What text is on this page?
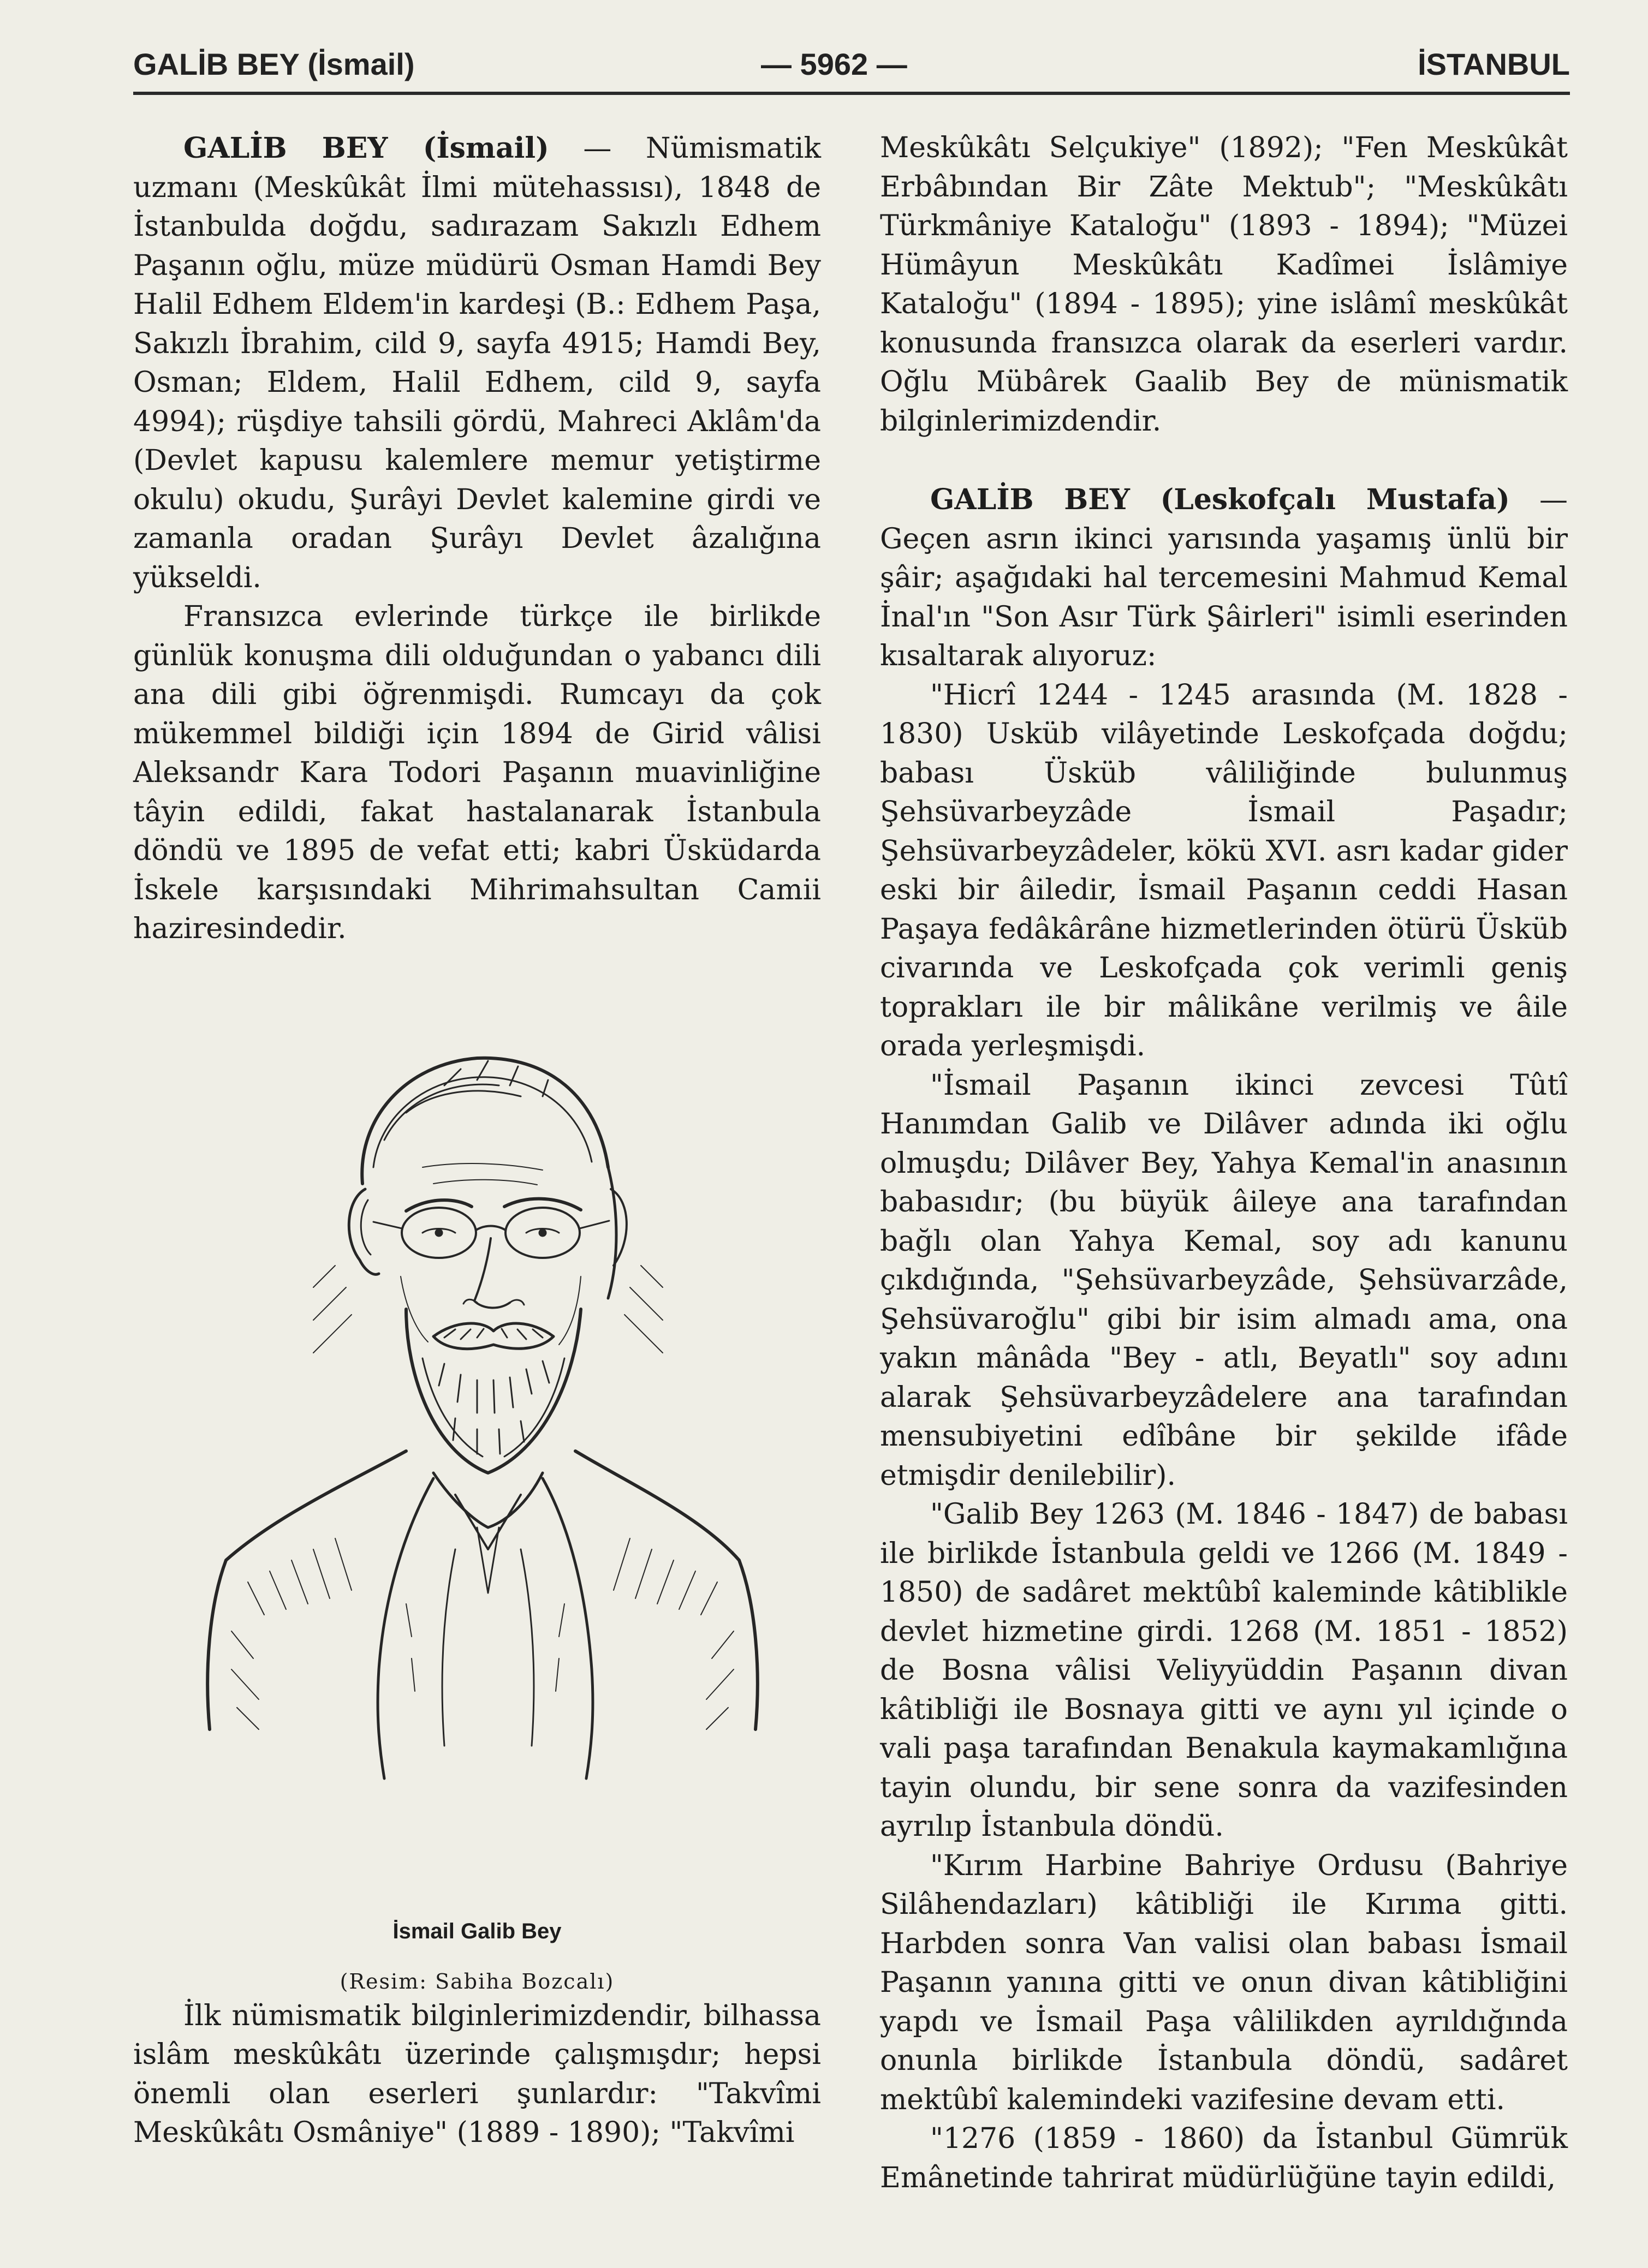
GALİB BEY (İsmail)	— 5962 —	İSTANBUL

GALİB BEY (İsmail) — Nümismatik uzmanı (Meskûkât İlmi mütehassısı), 1848 de İstanbulda doğdu, sadırazam Sakızlı Edhem Paşanın oğlu, müze müdürü Osman Hamdi Bey Halil Edhem Eldem'in kardeşi (B.: Edhem Paşa, Sakızlı İbrahim, cild 9, sayfa 4915; Hamdi Bey, Osman; Eldem, Halil Edhem, cild 9, sayfa 4994); rüşdiye tahsili gördü, Mahreci Aklâm'da (Devlet kapusu kalemlere memur yetiştirme okulu) okudu, Şurâyi Devlet kalemine girdi ve zamanla oradan Şurâyı Devlet âzalığına yükseldi.

Fransızca evlerinde türkçe ile birlikde günlük konuşma dili olduğundan o yabancı dili ana dili gibi öğrenmişdi. Rumcayı da çok mükemmel bildiği için 1894 de Girid vâlisi Aleksandr Kara Todori Paşanın muavinliğine tâyin edildi, fakat hastalanarak İstanbula döndü ve 1895 de vefat etti; kabri Üsküdarda İskele karşısındaki Mihrimahsultan Camii haziresindedir.

İsmail Galib Bey
(Resim: Sabiha Bozcalı)

İlk nümismatik bilginlerimizdendir, bilhassa islâm meskûkâtı üzerinde çalışmışdır; hepsi önemli olan eserleri şunlardır: "Takvîmi Meskûkâtı Osmâniye" (1889 - 1890); "Takvîmi

Meskûkâtı Selçukiye" (1892); "Fen Meskûkât Erbâbından Bir Zâte Mektub"; "Meskûkâtı Türkmâniye Kataloğu" (1893 - 1894); "Müzei Hümâyun Meskûkâtı Kadîmei İslâmiye Kataloğu" (1894 - 1895); yine islâmî meskûkât konusunda fransızca olarak da eserleri vardır. Oğlu Mübârek Gaalib Bey de münismatik bilginlerimizdendir.

GALİB BEY (Leskofçalı Mustafa) — Geçen asrın ikinci yarısında yaşamış ünlü bir şâir; aşağıdaki hal tercemesini Mahmud Kemal İnal'ın "Son Asır Türk Şâirleri" isimli eserinden kısaltarak alıyoruz:

"Hicrî 1244 - 1245 arasında (M. 1828 - 1830) Usküb vilâyetinde Leskofçada doğdu; babası Üsküb vâliliğinde bulunmuş Şehsüvarbeyzâde İsmail Paşadır; Şehsüvarbeyzâdeler, kökü XVI. asrı kadar gider eski bir âiledir, İsmail Paşanın ceddi Hasan Paşaya fedâkârâne hizmetlerinden ötürü Üsküb civarında ve Leskofçada çok verimli geniş toprakları ile bir mâlikâne verilmiş ve âile orada yerleşmişdi.

"İsmail Paşanın ikinci zevcesi Tûtî Hanımdan Galib ve Dilâver adında iki oğlu olmuşdu; Dilâver Bey, Yahya Kemal'in anasının babasıdır; (bu büyük âileye ana tarafından bağlı olan Yahya Kemal, soy adı kanunu çıkdığında, "Şehsüvarbeyzâde, Şehsüvarzâde, Şehsüvaroğlu" gibi bir isim almadı ama, ona yakın mânâda "Bey - atlı, Beyatlı" soy adını alarak Şehsüvarbeyzâdelere ana tarafından mensubiyetini edîbâne bir şekilde ifâde etmişdir denilebilir).

"Galib Bey 1263 (M. 1846 - 1847) de babası ile birlikde İstanbula geldi ve 1266 (M. 1849 - 1850) de sadâret mektûbî kaleminde kâtiblikle devlet hizmetine girdi. 1268 (M. 1851 - 1852) de Bosna vâlisi Veliyyüddin Paşanın divan kâtibliği ile Bosnaya gitti ve aynı yıl içinde o vali paşa tarafından Benakula kaymakamlığına tayin olundu, bir sene sonra da vazifesinden ayrılıp İstanbula döndü.

"Kırım Harbine Bahriye Ordusu (Bahriye Silâhendazları) kâtibliği ile Kırıma gitti. Harbden sonra Van valisi olan babası İsmail Paşanın yanına gitti ve onun divan kâtibliğini yapdı ve İsmail Paşa vâlilikden ayrıldığında onunla birlikde İstanbula döndü, sadâret mektûbî kalemindeki vazifesine devam etti.

"1276 (1859 - 1860) da İstanbul Gümrük Emânetinde tahrirat müdürlüğüne tayin edildi,
